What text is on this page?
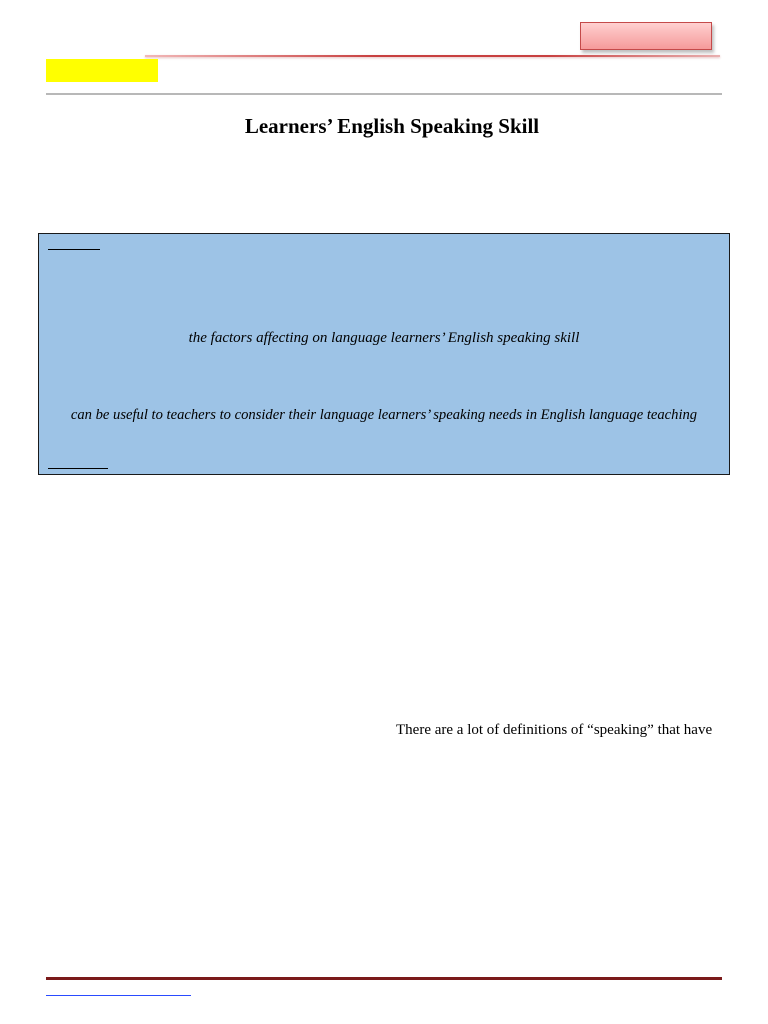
Learners’ English Speaking Skill
the factors affecting on language learners’ English speaking skill
can be useful to teachers to consider their language learners’ speaking needs in English language teaching
There are a lot of definitions of “speaking” that have
